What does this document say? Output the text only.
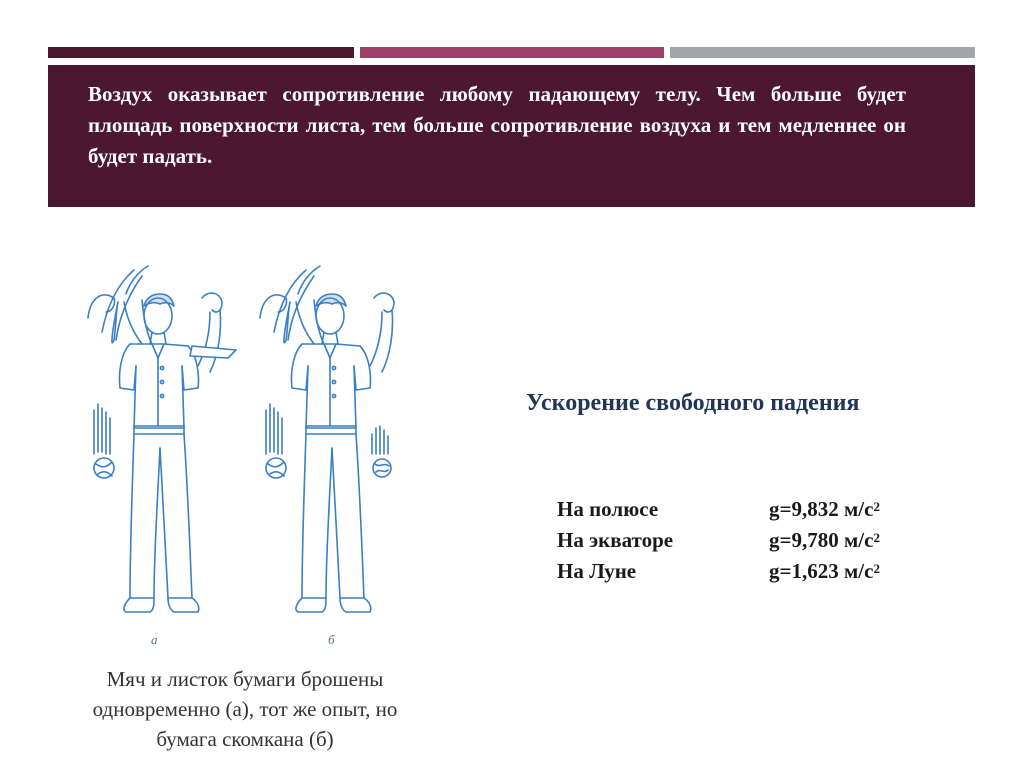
Воздух оказывает сопротивление любому падающему телу. Чем больше будет площадь поверхности листа, тем больше сопротивление воздуха и тем медленнее он будет падать.

а	б

Мяч и листок бумаги брошены одновременно (а), тот же опыт, но бумага скомкана (б)

Ускорение свободного падения

На полюсе	g=9,832 $м/с^2$
На экваторе	g=9,780 $м/с^2$
На Луне	g=1,623 $м/с^2$
